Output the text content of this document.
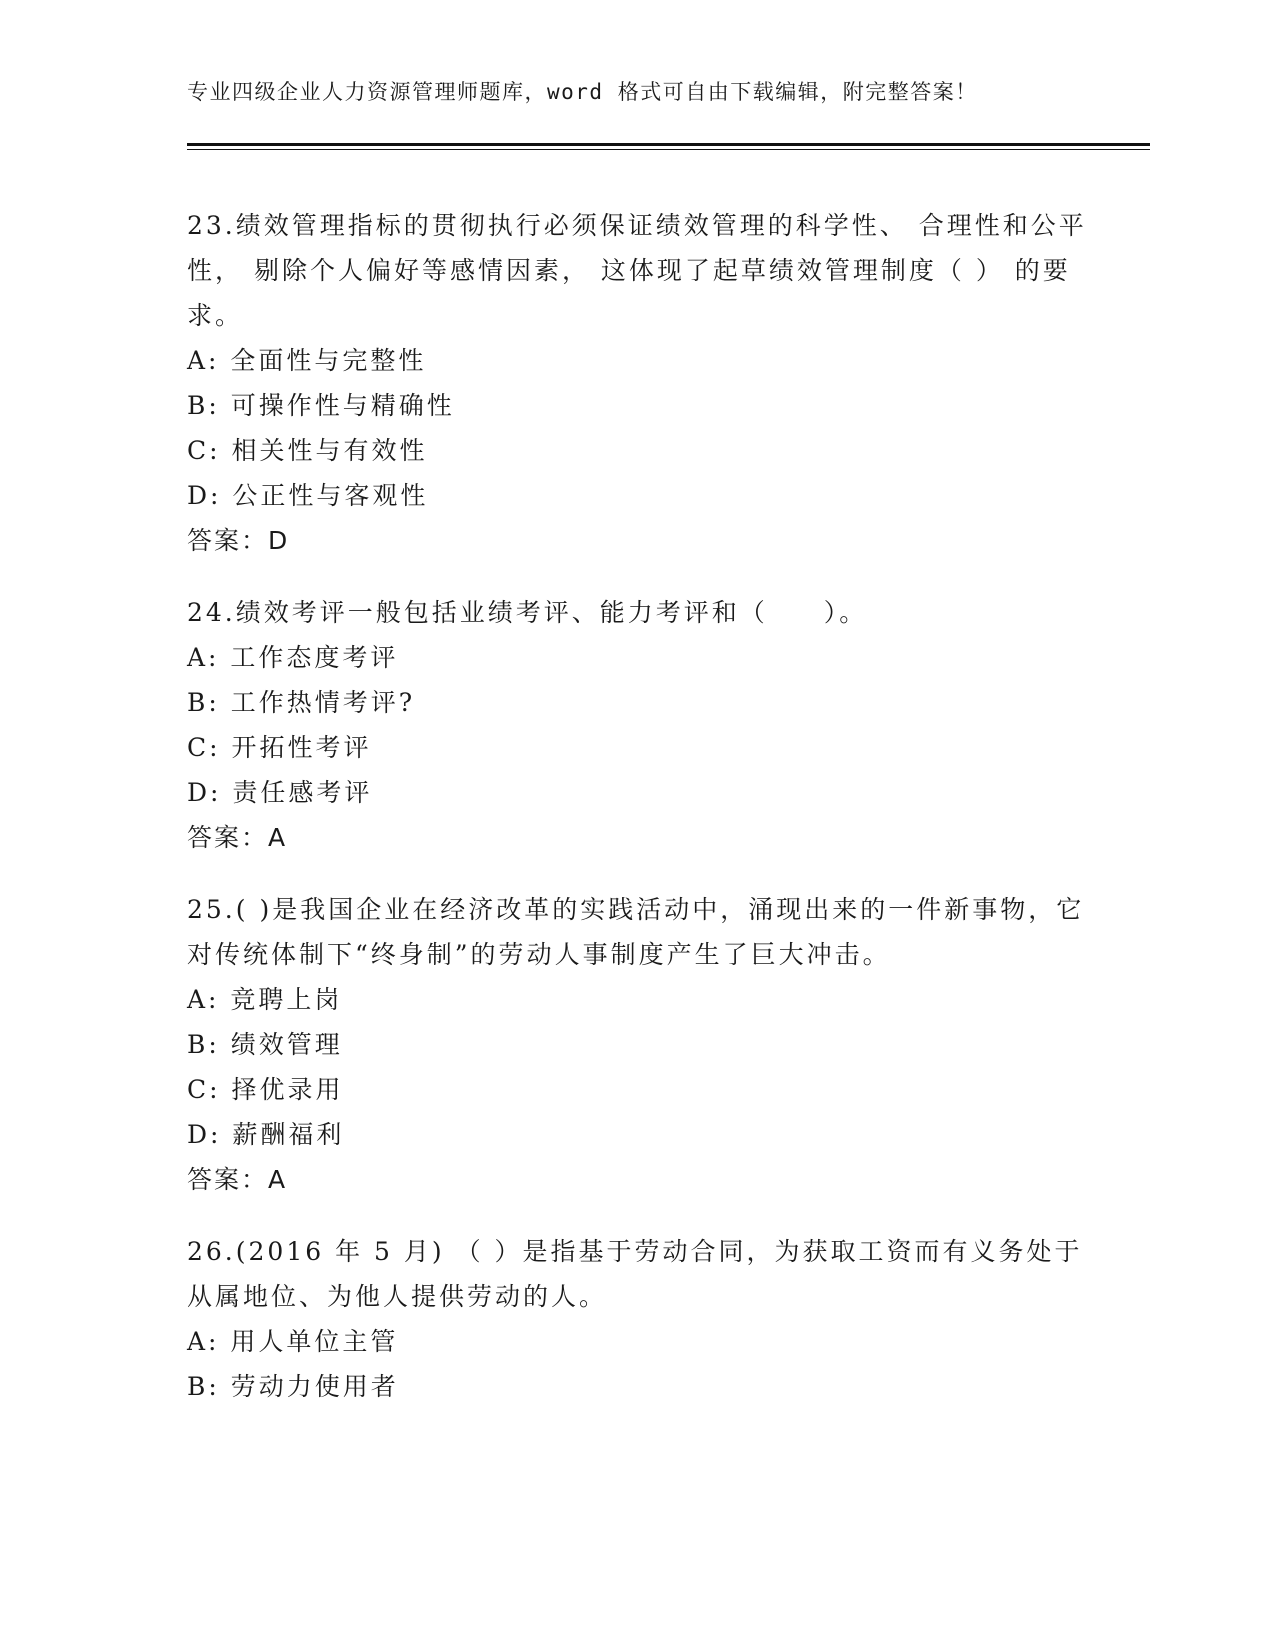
专业四级企业人力资源管理师题库，word 格式可自由下载编辑，附完整答案！

23.绩效管理指标的贯彻执行必须保证绩效管理的科学性、 合理性和公平性， 剔除个人偏好等感情因素， 这体现了起草绩效管理制度（ ） 的要求。

A: 全面性与完整性

B: 可操作性与精确性

C: 相关性与有效性

D: 公正性与客观性

答案：D

24.绩效考评一般包括业绩考评、能力考评和（　　）。

A: 工作态度考评

B: 工作热情考评?

C: 开拓性考评

D: 责任感考评

答案：A

25.( )是我国企业在经济改革的实践活动中，涌现出来的一件新事物，它对传统体制下“终身制”的劳动人事制度产生了巨大冲击。

A: 竞聘上岗

B: 绩效管理

C: 择优录用

D: 薪酬福利

答案：A

26.(2016 年 5 月) （ ）是指基于劳动合同，为获取工资而有义务处于从属地位、为他人提供劳动的人。

A: 用人单位主管

B: 劳动力使用者
